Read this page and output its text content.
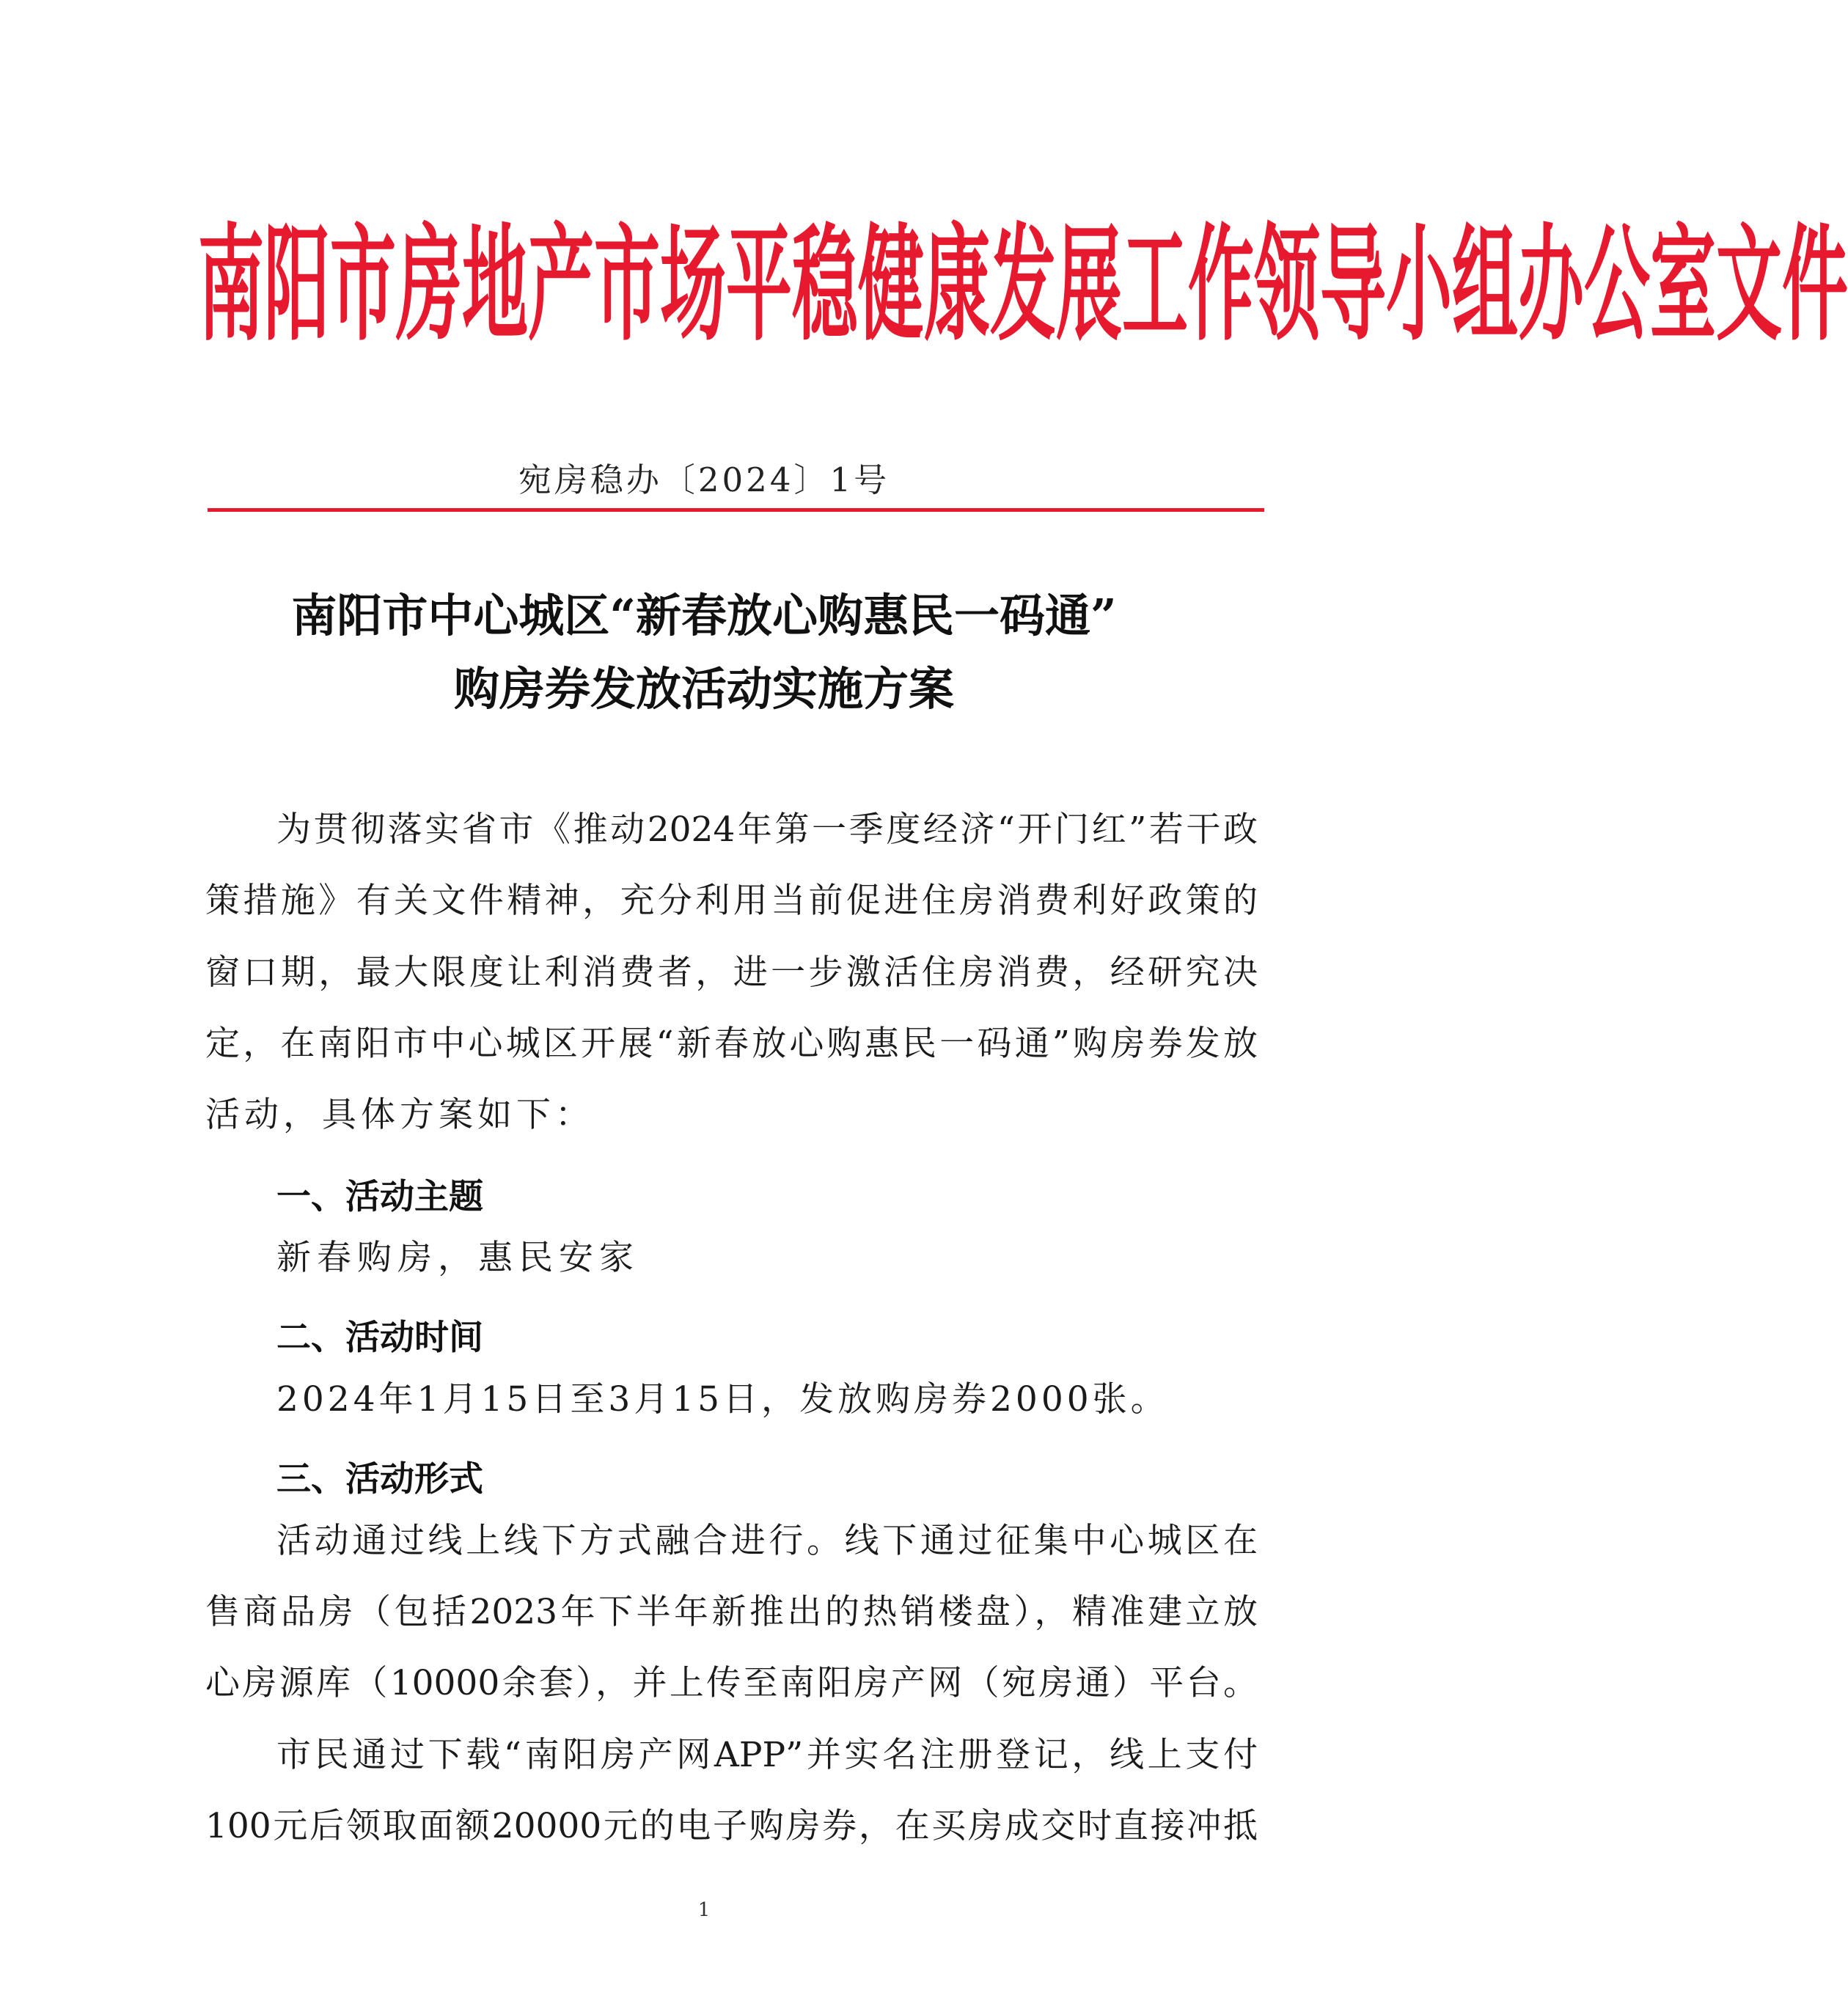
南阳市房地产市场平稳健康发展工作领导小组办公室文件
宛房稳办〔2024〕1号
南阳市中心城区“新春放心购惠民一码通”
购房券发放活动实施方案
为贯彻落实省市《推动2024年第一季度经济“开门红”若干政
策措施》有关文件精神，充分利用当前促进住房消费利好政策的
窗口期，最大限度让利消费者，进一步激活住房消费，经研究决
定，在南阳市中心城区开展“新春放心购惠民一码通”购房券发放
活动，具体方案如下：
一、活动主题
新春购房，惠民安家
二、活动时间
2024年1月15日至3月15日，发放购房券2000张。
三、活动形式
活动通过线上线下方式融合进行。线下通过征集中心城区在
售商品房（包括2023年下半年新推出的热销楼盘），精准建立放
心房源库（10000余套），并上传至南阳房产网（宛房通）平台。
市民通过下载“南阳房产网APP”并实名注册登记，线上支付
100元后领取面额20000元的电子购房券，在买房成交时直接冲抵
1
